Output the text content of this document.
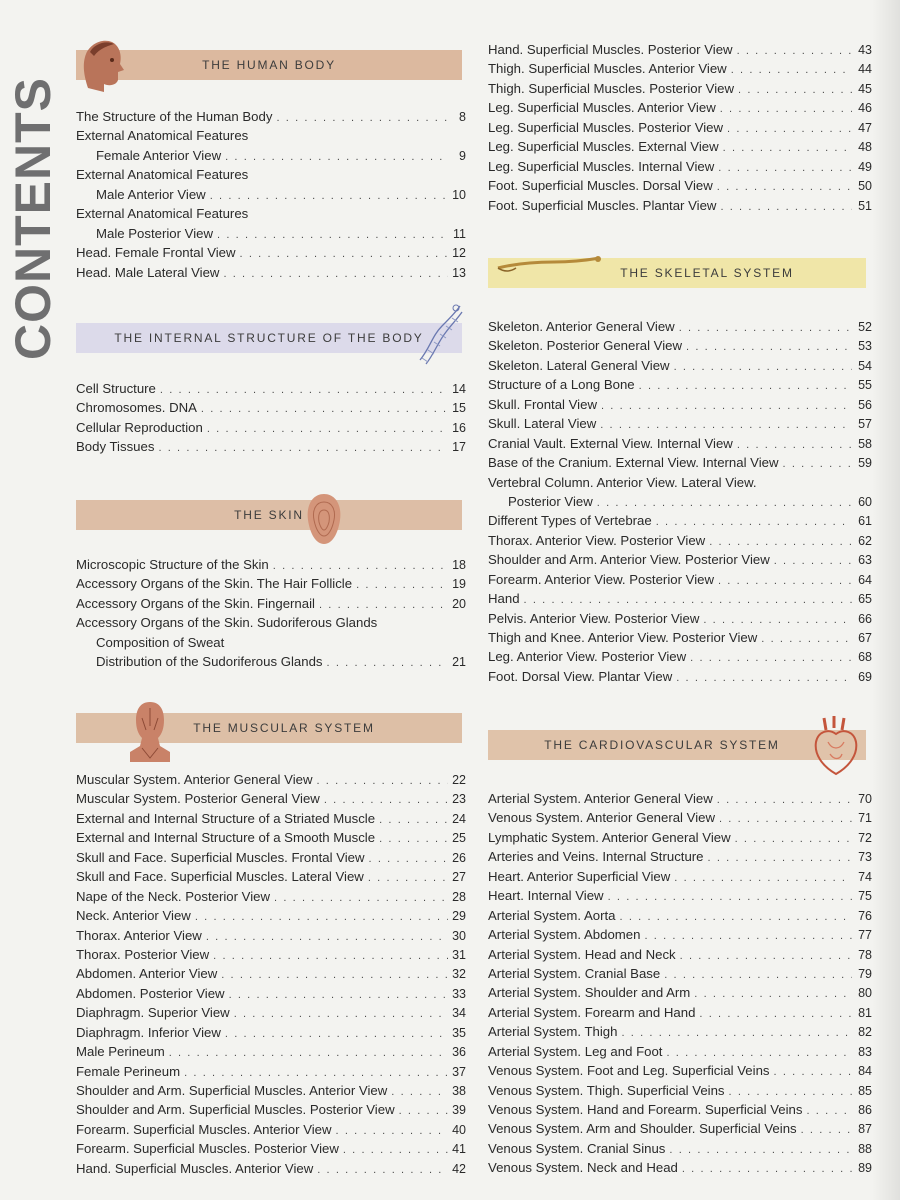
CONTENTS
THE HUMAN BODY
The Structure of the Human Body . . .	8
External Anatomical Features
Female Anterior View . . .	9
External Anatomical Features
Male Anterior View . . .	10
External Anatomical Features
Male Posterior View . . .	11
Head. Female Frontal View . . .	12
Head. Male Lateral View . . .	13
THE INTERNAL STRUCTURE OF THE BODY
Cell Structure . . .	14
Chromosomes. DNA . . .	15
Cellular Reproduction . . .	16
Body Tissues . . .	17
THE SKIN
Microscopic Structure of the Skin . . .	18
Accessory Organs of the Skin. The Hair Follicle . . .	19
Accessory Organs of the Skin. Fingernail . . .	20
Accessory Organs of the Skin. Sudoriferous Glands
Composition of Sweat
Distribution of the Sudoriferous Glands . . .	21
THE MUSCULAR SYSTEM
Muscular System. Anterior General View . . .	22
Muscular System. Posterior General View . . .	23
External and Internal Structure of a Striated Muscle . . .	24
External and Internal Structure of a Smooth Muscle . . .	25
Skull and Face. Superficial Muscles. Frontal View . . .	26
Skull and Face. Superficial Muscles. Lateral View . . .	27
Nape of the Neck. Posterior View . . .	28
Neck. Anterior View . . .	29
Thorax. Anterior View . . .	30
Thorax. Posterior View . . .	31
Abdomen. Anterior View . . .	32
Abdomen. Posterior View . . .	33
Diaphragm. Superior View . . .	34
Diaphragm. Inferior View . . .	35
Male Perineum . . .	36
Female Perineum . . .	37
Shoulder and Arm. Superficial Muscles. Anterior View . . .	38
Shoulder and Arm. Superficial Muscles. Posterior View . . .	39
Forearm. Superficial Muscles. Anterior View . . .	40
Forearm. Superficial Muscles. Posterior View . . .	41
Hand. Superficial Muscles. Anterior View . . .	42
Hand. Superficial Muscles. Posterior View . . .	43
Thigh. Superficial Muscles. Anterior View . . .	44
Thigh. Superficial Muscles. Posterior View . . .	45
Leg. Superficial Muscles. Anterior View . . .	46
Leg. Superficial Muscles. Posterior View . . .	47
Leg. Superficial Muscles. External View . . .	48
Leg. Superficial Muscles. Internal View . . .	49
Foot. Superficial Muscles. Dorsal View . . .	50
Foot. Superficial Muscles. Plantar View . . .	51
THE SKELETAL SYSTEM
Skeleton. Anterior General View . . .	52
Skeleton. Posterior General View . . .	53
Skeleton. Lateral General View . . .	54
Structure of a Long Bone . . .	55
Skull. Frontal View . . .	56
Skull. Lateral View . . .	57
Cranial Vault. External View. Internal View . . .	58
Base of the Cranium. External View. Internal View . . .	59
Vertebral Column. Anterior View. Lateral View.
Posterior View . . .	60
Different Types of Vertebrae . . .	61
Thorax. Anterior View. Posterior View . . .	62
Shoulder and Arm. Anterior View. Posterior View . . .	63
Forearm. Anterior View. Posterior View . . .	64
Hand . . .	65
Pelvis. Anterior View. Posterior View . . .	66
Thigh and Knee. Anterior View. Posterior View . . .	67
Leg. Anterior View. Posterior View . . .	68
Foot. Dorsal View. Plantar View . . .	69
THE CARDIOVASCULAR SYSTEM
Arterial System. Anterior General View . . .	70
Venous System. Anterior General View . . .	71
Lymphatic System. Anterior General View . . .	72
Arteries and Veins. Internal Structure . . .	73
Heart. Anterior Superficial View . . .	74
Heart. Internal View . . .	75
Arterial System. Aorta . . .	76
Arterial System. Abdomen . . .	77
Arterial System. Head and Neck . . .	78
Arterial System. Cranial Base . . .	79
Arterial System. Shoulder and Arm . . .	80
Arterial System. Forearm and Hand . . .	81
Arterial System. Thigh . . .	82
Arterial System. Leg and Foot . . .	83
Venous System. Foot and Leg. Superficial Veins . . .	84
Venous System. Thigh. Superficial Veins . . .	85
Venous System. Hand and Forearm. Superficial Veins . . .	86
Venous System. Arm and Shoulder. Superficial Veins . . .	87
Venous System. Cranial Sinus . . .	88
Venous System. Neck and Head . . .	89
